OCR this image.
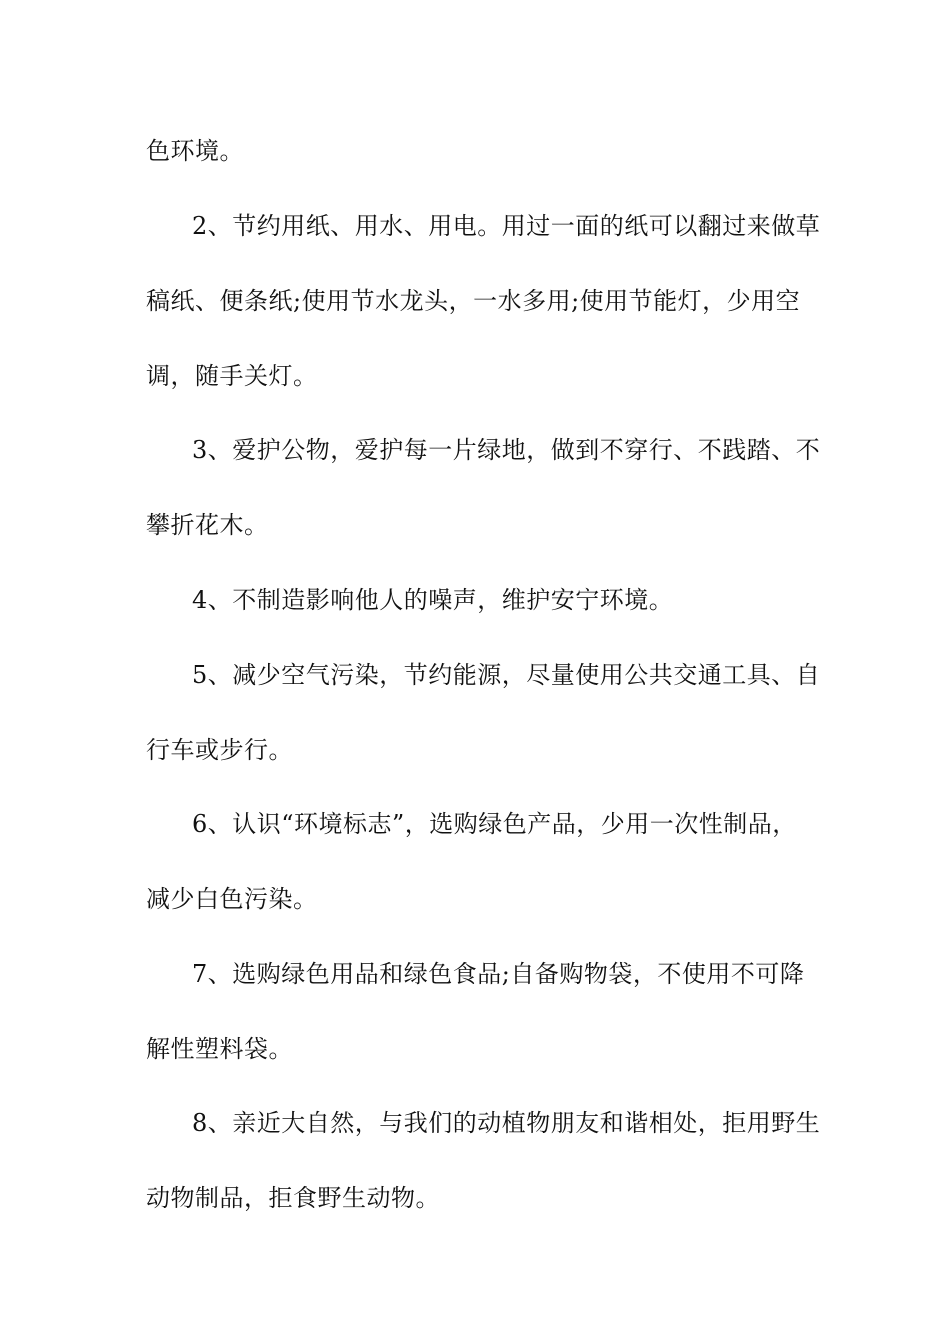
色环境。
2、节约用纸、用水、用电。用过一面的纸可以翻过来做草
稿纸、便条纸;使用节水龙头，一水多用;使用节能灯，少用空
调，随手关灯。
3、爱护公物，爱护每一片绿地，做到不穿行、不践踏、不
攀折花木。
4、不制造影响他人的噪声，维护安宁环境。
5、减少空气污染，节约能源，尽量使用公共交通工具、自
行车或步行。
6、认识“环境标志”，选购绿色产品，少用一次性制品，
减少白色污染。
7、选购绿色用品和绿色食品;自备购物袋，不使用不可降
解性塑料袋。
8、亲近大自然，与我们的动植物朋友和谐相处，拒用野生
动物制品，拒食野生动物。
